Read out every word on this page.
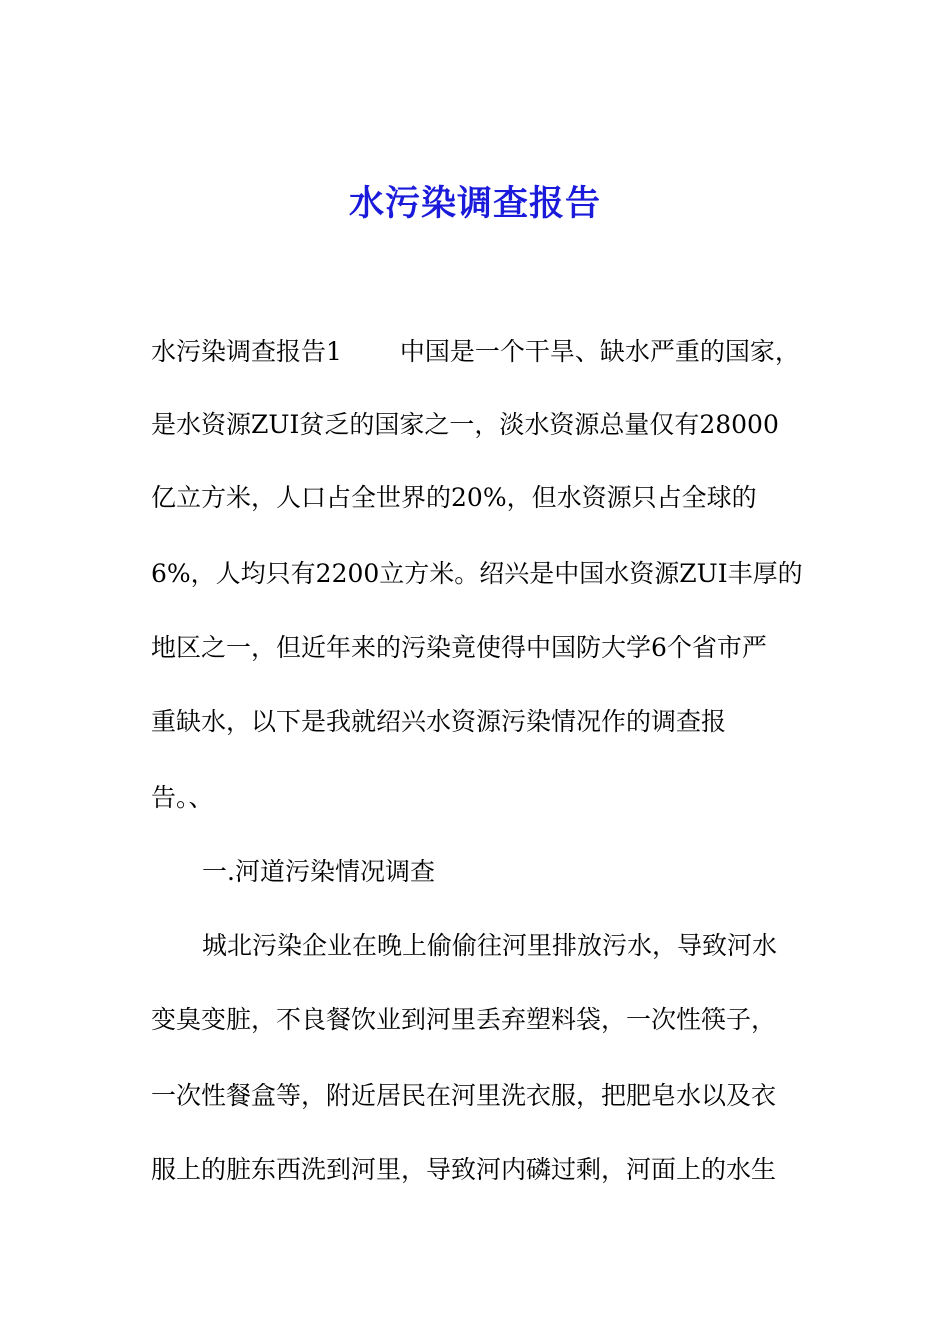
水污染调查报告
水污染调查报告1 中国是一个干旱、缺水严重的国家，
是水资源ZUI贫乏的国家之一，淡水资源总量仅有28000
亿立方米，人口占全世界的20%，但水资源只占全球的
6%，人均只有2200立方米。绍兴是中国水资源ZUI丰厚的
地区之一，但近年来的污染竟使得中国防大学6个省市严
重缺水，以下是我就绍兴水资源污染情况作的调查报
告。、
一.河道污染情况调查
城北污染企业在晚上偷偷往河里排放污水，导致河水
变臭变脏，不良餐饮业到河里丢弃塑料袋，一次性筷子，
一次性餐盒等，附近居民在河里洗衣服，把肥皂水以及衣
服上的脏东西洗到河里，导致河内磷过剩，河面上的水生
